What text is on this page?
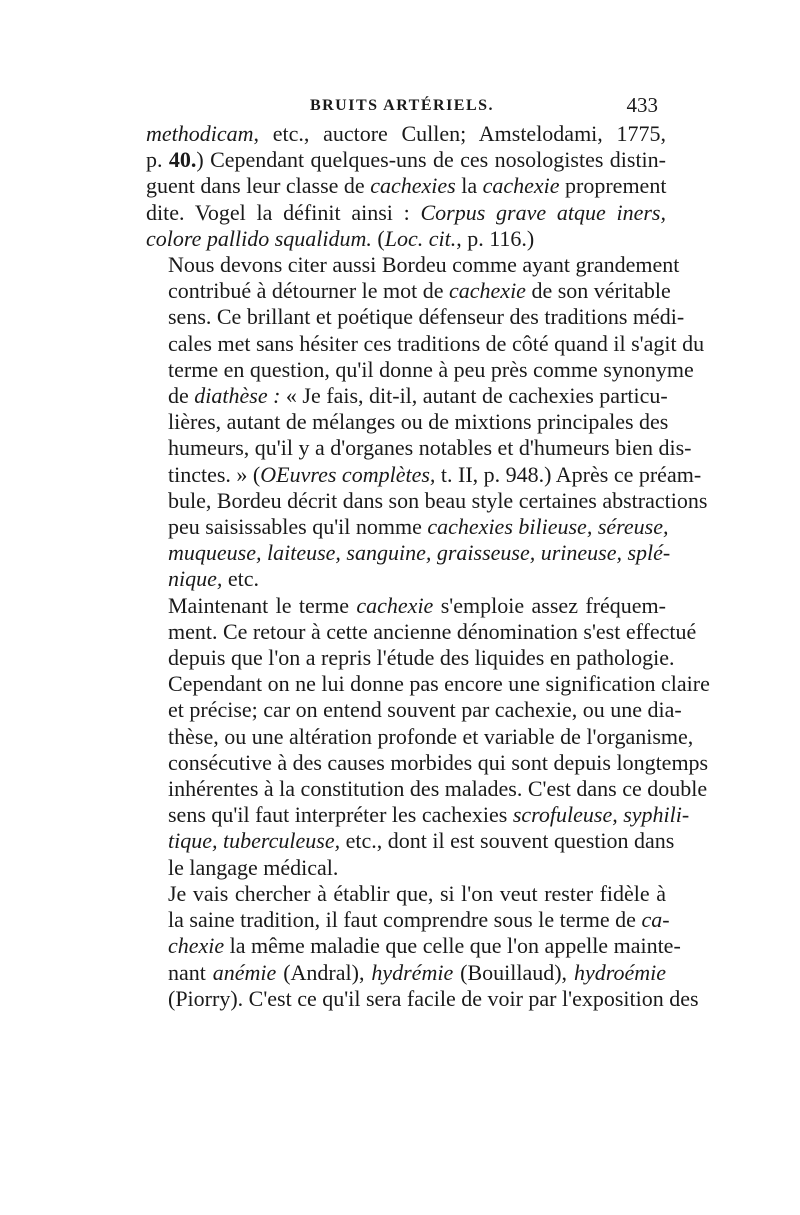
BRUITS ARTÉRIELS.	433
methodicam, etc., auctore Cullen; Amstelodami, 1775,
p. 40.) Cependant quelques-uns de ces nosologistes distin-
guent dans leur classe de cachexies la cachexie proprement
dite. Vogel la définit ainsi : Corpus grave atque iners,
colore pallido squalidum. (Loc. cit., p. 116.)
Nous devons citer aussi Bordeu comme ayant grandement
contribué à détourner le mot de cachexie de son véritable
sens. Ce brillant et poétique défenseur des traditions médi-
cales met sans hésiter ces traditions de côté quand il s'agit du
terme en question, qu'il donne à peu près comme synonyme
de diathèse : « Je fais, dit-il, autant de cachexies particu-
lières, autant de mélanges ou de mixtions principales des
humeurs, qu'il y a d'organes notables et d'humeurs bien dis-
tinctes. » (OEuvres complètes, t. II, p. 948.) Après ce préam-
bule, Bordeu décrit dans son beau style certaines abstractions
peu saisissables qu'il nomme cachexies bilieuse, séreuse,
muqueuse, laiteuse, sanguine, graisseuse, urineuse, splé-
nique, etc.
Maintenant le terme cachexie s'emploie assez fréquem-
ment. Ce retour à cette ancienne dénomination s'est effectué
depuis que l'on a repris l'étude des liquides en pathologie.
Cependant on ne lui donne pas encore une signification claire
et précise; car on entend souvent par cachexie, ou une dia-
thèse, ou une altération profonde et variable de l'organisme,
consécutive à des causes morbides qui sont depuis longtemps
inhérentes à la constitution des malades. C'est dans ce double
sens qu'il faut interpréter les cachexies scrofuleuse, syphili-
tique, tuberculeuse, etc., dont il est souvent question dans
le langage médical.
Je vais chercher à établir que, si l'on veut rester fidèle à
la saine tradition, il faut comprendre sous le terme de ca-
chexie la même maladie que celle que l'on appelle mainte-
nant anémie (Andral), hydrémie (Bouillaud), hydroémie
(Piorry). C'est ce qu'il sera facile de voir par l'exposition des
